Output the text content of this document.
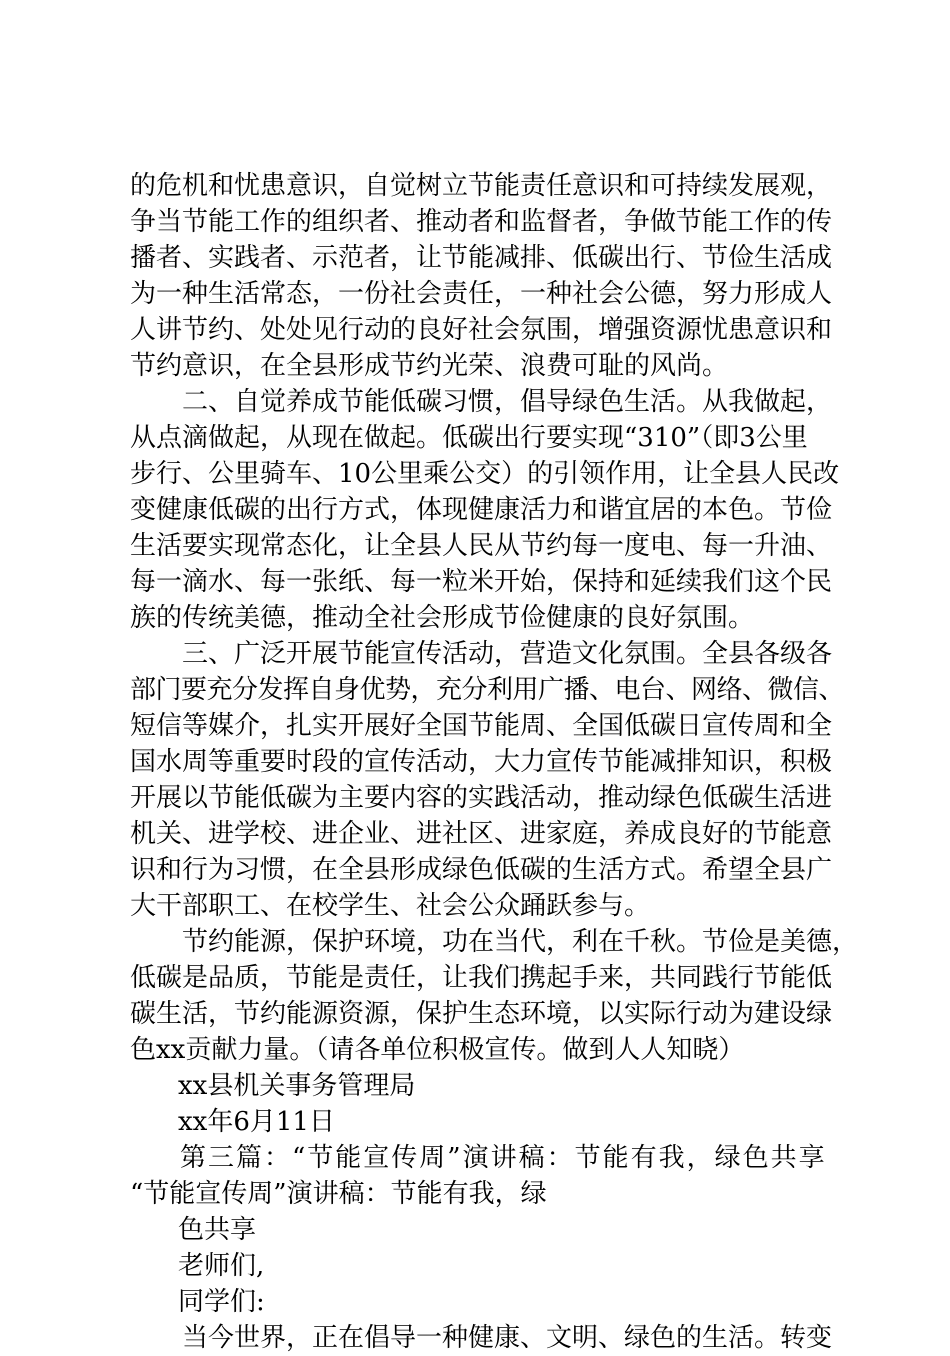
的危机和忧患意识，自觉树立节能责任意识和可持续发展观，
争当节能工作的组织者、推动者和监督者，争做节能工作的传
播者、实践者、示范者，让节能减排、低碳出行、节俭生活成
为一种生活常态，一份社会责任，一种社会公德，努力形成人
人讲节约、处处见行动的良好社会氛围，增强资源忧患意识和
节约意识，在全县形成节约光荣、浪费可耻的风尚。
二、自觉养成节能低碳习惯，倡导绿色生活。从我做起，
从点滴做起，从现在做起。低碳出行要实现“310”（即3公里
步行、公里骑车、10公里乘公交）的引领作用，让全县人民改
变健康低碳的出行方式，体现健康活力和谐宜居的本色。节俭
生活要实现常态化，让全县人民从节约每一度电、每一升油、
每一滴水、每一张纸、每一粒米开始，保持和延续我们这个民
族的传统美德，推动全社会形成节俭健康的良好氛围。
三、广泛开展节能宣传活动，营造文化氛围。全县各级各
部门要充分发挥自身优势，充分利用广播、电台、网络、微信、
短信等媒介，扎实开展好全国节能周、全国低碳日宣传周和全
国水周等重要时段的宣传活动，大力宣传节能减排知识，积极
开展以节能低碳为主要内容的实践活动，推动绿色低碳生活进
机关、进学校、进企业、进社区、进家庭，养成良好的节能意
识和行为习惯，在全县形成绿色低碳的生活方式。希望全县广
大干部职工、在校学生、社会公众踊跃参与。
节约能源，保护环境，功在当代，利在千秋。节俭是美德，
低碳是品质，节能是责任，让我们携起手来，共同践行节能低
碳生活，节约能源资源，保护生态环境，以实际行动为建设绿
色xx贡献力量。（请各单位积极宣传。做到人人知晓）
xx县机关事务管理局
xx年6月11日
第三篇：“节能宣传周”演讲稿：节能有我，绿色共享
“节能宣传周”演讲稿：节能有我，绿
色共享
老师们,
同学们:
当今世界，正在倡导一种健康、文明、绿色的生活。转变
